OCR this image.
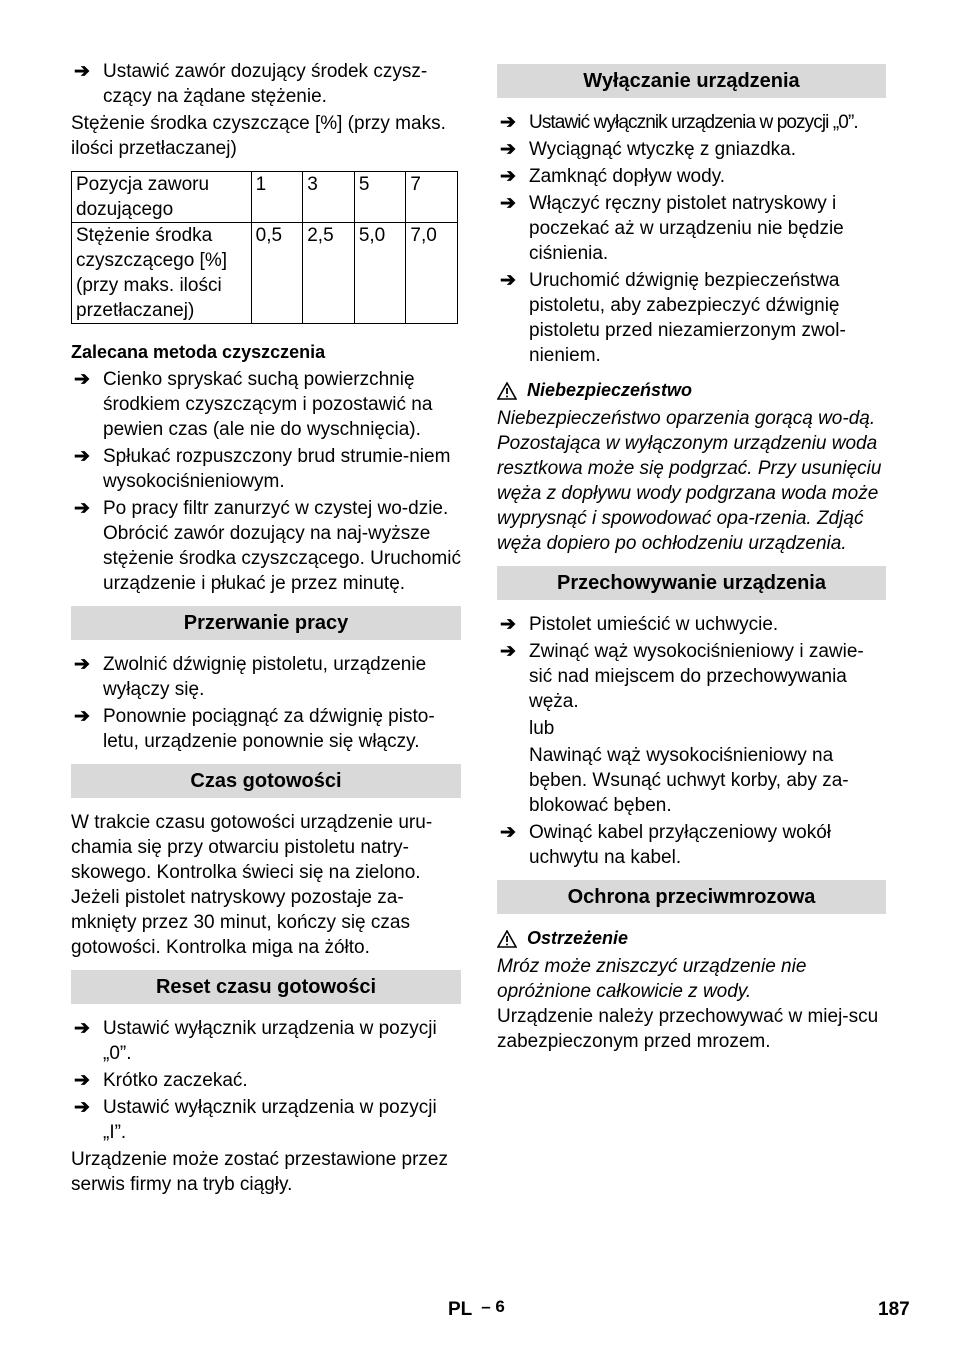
➔ Ustawić zawór dozujący środek czysz- czący na żądane stężenie.

Stężenie środka czyszczące [%] (przy maks. ilości przetłaczanej)

Pozycja zaworu dozującego	1	3	5	7
Stężenie środka czyszczącego [%] (przy maks. ilości przetłaczanej)	0,5	2,5	5,0	7,0
Zalecana metoda czyszczenia
➔ Cienko spryskać suchą powierzchnię środkiem czyszczącym i pozostawić na pewien czas (ale nie do wyschnięcia).
➔ Spłukać rozpuszczony brud strumie-niem wysokociśnieniowym.
➔ Po pracy filtr zanurzyć w czystej wo-dzie. Obrócić zawór dozujący na naj-wyższe stężenie środka czyszczącego. Uruchomić urządzenie i płukać je przez minutę.
Przerwanie pracy
➔ Zwolnić dźwignię pistoletu, urządzenie wyłączy się.
➔ Ponownie pociągnąć za dźwignię pisto-letu, urządzenie ponownie się włączy.
Czas gotowości

W trakcie czasu gotowości urządzenie uru-chamia się przy otwarciu pistoletu natry-skowego. Kontrolka świeci się na zielono. Jeżeli pistolet natryskowy pozostaje za-mknięty przez 30 minut, kończy się czas gotowości. Kontrolka miga na żółto.

Reset czasu gotowości
➔ Ustawić wyłącznik urządzenia w pozycji „0”.
➔ Krótko zaczekać.
➔ Ustawić wyłącznik urządzenia w pozycji „I”.

Urządzenie może zostać przestawione przez serwis firmy na tryb ciągły.

Wyłączanie urządzenia
➔ Ustawić wyłącznik urządzenia w pozycji „0”.
➔ Wyciągnąć wtyczkę z gniazdka.
➔ Zamknąć dopływ wody.
➔ Włączyć ręczny pistolet natryskowy i poczekać aż w urządzeniu nie będzie ciśnienia.
➔ Uruchomić dźwignię bezpieczeństwa pistoletu, aby zabezpieczyć dźwignię pistoletu przed niezamierzonym zwol-nieniem.
Niebezpieczeństwo

Niebezpieczeństwo oparzenia gorącą wo-dą. Pozostająca w wyłączonym urządzeniu woda resztkowa może się podgrzać. Przy usunięciu węża z dopływu wody podgrzana woda może wyprysnąć i spowodować opa-rzenia. Zdjąć węża dopiero po ochłodzeniu urządzenia.

Przechowywanie urządzenia
➔ Pistolet umieścić w uchwycie.
➔ Zwinąć wąż wysokociśnieniowy i zawie-sić nad miejscem do przechowywania węża.

lub

Nawinąć wąż wysokociśnieniowy na bęben. Wsunąć uchwyt korby, aby za-blokować bęben.

➔ Owinąć kabel przyłączeniowy wokół uchwytu na kabel.
Ochrona przeciwmrozowa
Ostrzeżenie

Mróz może zniszczyć urządzenie nie opróżnione całkowicie z wody.

Urządzenie należy przechowywać w miej-scu zabezpieczonym przed mrozem.

PL – 6	187
